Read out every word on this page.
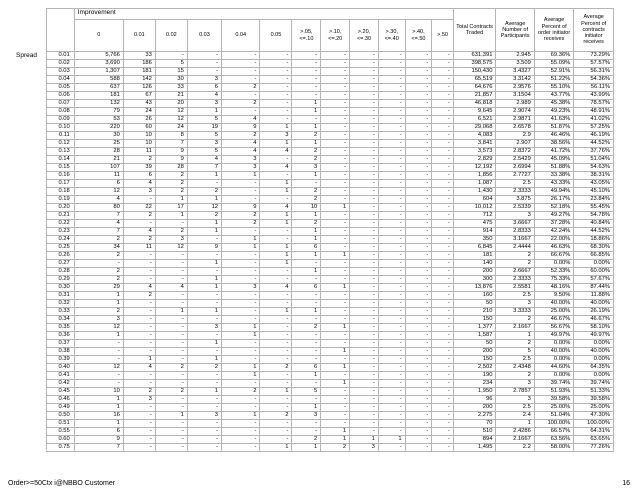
Spread
	Improvement												Total Contracts Traded	Average Number of Participants	Average Percent of order initiator receives	Average Percent of contracts initiator receives
	0	0.01	0.02	0.03	0.04	0.05	>.05, <=.10	>.10, <=.20	>.20, <=.30	>.30, <=.40	>.40, <=.50	>.50				
0.01	5,766	33	-	-	-	-	-	-	-	-	-	-	631,391	2.945	69.36%	73.29%
0.02	3,690	186	5	-	-	-	-	-	-	-	-	-	398,575	3.509	55.09%	57.57%
0.03	1,307	181	15	-	-	-	-	-	-	-	-	-	150,430	3.4327	52.91%	56.31%
0.04	588	142	30	3	-	-	-	-	-	-	-	-	65,519	3.3142	51.22%	54.36%
0.05	637	126	33	6	2	-	-	-	-	-	-	-	64,676	2.9576	55.10%	56.11%
0.06	181	67	21	4	-	-	-	-	-	-	-	-	21,857	3.1504	43.77%	43.99%
0.07	132	43	20	3	2	-	1	-	-	-	-	-	46,818	2.989	45.38%	78.57%
0.08	79	24	12	1	-	-	1	-	-	-	-	-	9,645	2.9074	49.23%	48.91%
0.09	53	26	12	5	4	-	-	-	-	-	-	-	6,521	2.9871	41.63%	41.02%
0.10	220	60	24	19	9	1	1	-	-	-	-	-	29,068	2.6578	51.87%	57.25%
0.11	30	10	8	5	2	3	2	-	-	-	-	-	4,083	2.9	46.46%	46.19%
0.12	25	10	7	3	4	1	1	-	-	-	-	-	3,841	2.907	38.56%	44.52%
0.13	28	11	9	5	4	4	2	-	-	-	-	-	3,573	2.8372	41.72%	37.76%
0.14	21	2	9	4	3	-	2	-	-	-	-	-	2,829	2.5429	45.09%	51.04%
0.15	107	39	28	7	3	4	3	-	-	-	-	-	12,192	2.6994	51.88%	54.63%
0.16	11	6	2	1	1	-	1	-	-	-	-	-	1,856	2.7727	33.38%	38.31%
0.17	6	4	2	-	-	1	-	-	-	-	-	-	1,087	2.5	43.33%	43.05%
0.18	12	3	2	2	-	1	2	-	-	-	-	-	1,430	2.3333	49.94%	45.10%
0.19	4	-	1	1	-	-	2	-	-	-	-	-	604	3.875	26.17%	23.84%
0.20	80	22	17	12	9	4	10	1	-	-	-	-	10,012	2.5339	52.18%	55.45%
0.21	7	2	1	2	2	1	1	-	-	-	-	-	712	3	49.27%	54.78%
0.22	4	-	-	1	2	1	2	-	-	-	-	-	475	3.6667	37.28%	40.84%
0.23	7	4	2	1	-	-	1	-	-	-	-	-	914	2.8333	42.24%	44.52%
0.24	2	2	3	-	1	-	1	-	-	-	-	-	350	3.1667	22.00%	18.86%
0.25	34	11	12	9	1	1	6	-	-	-	-	-	6,845	2.4444	46.63%	68.30%
0.26	2	-	-	-	-	1	1	1	-	-	-	-	181	2	66.67%	66.85%
0.27	-	-	-	1	-	1	-	-	-	-	-	-	140	2	0.00%	0.00%
0.28	2	-	-	-	-	-	1	-	-	-	-	-	200	2.6667	52.33%	60.00%
0.29	2	-	-	1	-	-	-	-	-	-	-	-	300	2.3333	75.33%	57.67%
0.30	29	4	4	1	3	4	6	1	-	-	-	-	13,876	2.5581	48.16%	87.44%
0.31	1	2	-	-	-	-	-	-	-	-	-	-	160	2.5	9.50%	11.88%
0.32	1	-	-	-	-	-	-	-	-	-	-	-	50	3	40.00%	40.00%
0.33	2	-	1	1	-	1	1	-	-	-	-	-	210	3.3333	25.00%	26.19%
0.34	3	-	-	-	-	-	-	-	-	-	-	-	150	2	46.67%	46.67%
0.35	12	-	-	3	1	-	2	1	-	-	-	-	1,377	2.1667	56.67%	58.10%
0.36	1	-	-	-	1	-	-	-	-	-	-	-	1,587	1	49.97%	49.97%
0.37	-	-	-	1	-	-	-	-	-	-	-	-	50	2	0.00%	0.00%
0.38	-	-	-	-	-	-	-	1	-	-	-	-	200	5	40.00%	40.00%
0.39	-	1	-	1	-	-	-	-	-	-	-	-	150	2.5	0.00%	0.00%
0.40	12	4	2	2	1	2	6	1	-	-	-	-	2,502	2.4348	44.60%	64.35%
0.41	-	-	-	-	1	-	1	-	-	-	-	-	190	2	0.00%	0.00%
0.42	-	-	-	-	-	-	-	1	-	-	-	-	234	3	39.74%	39.74%
0.45	10	2	2	1	2	1	5	-	-	-	-	-	1,950	2.7857	51.93%	51.33%
0.46	1	3	-	-	-	-	-	-	-	-	-	-	96	3	39.58%	39.58%
0.49	1	-	-	-	-	-	1	-	-	-	-	-	200	2.5	25.00%	25.00%
0.50	16	-	1	3	1	2	3	-	-	-	-	-	2,275	2.4	51.04%	47.30%
0.51	1	-	-	-	-	-	-	-	-	-	-	-	70	1	100.00%	100.00%
0.55	6	-	-	-	-	-	-	1	-	-	-	-	510	2.4286	66.57%	64.31%
0.60	9	-	-	-	-	-	2	1	1	1	-	-	894	2.1667	63.56%	63.65%
0.75	7	-	-	-	-	1	1	2	3	-	-	-	1,495	2.2	58.00%	77.26%
Order>=50Ctx i@NBBO Customer	16
